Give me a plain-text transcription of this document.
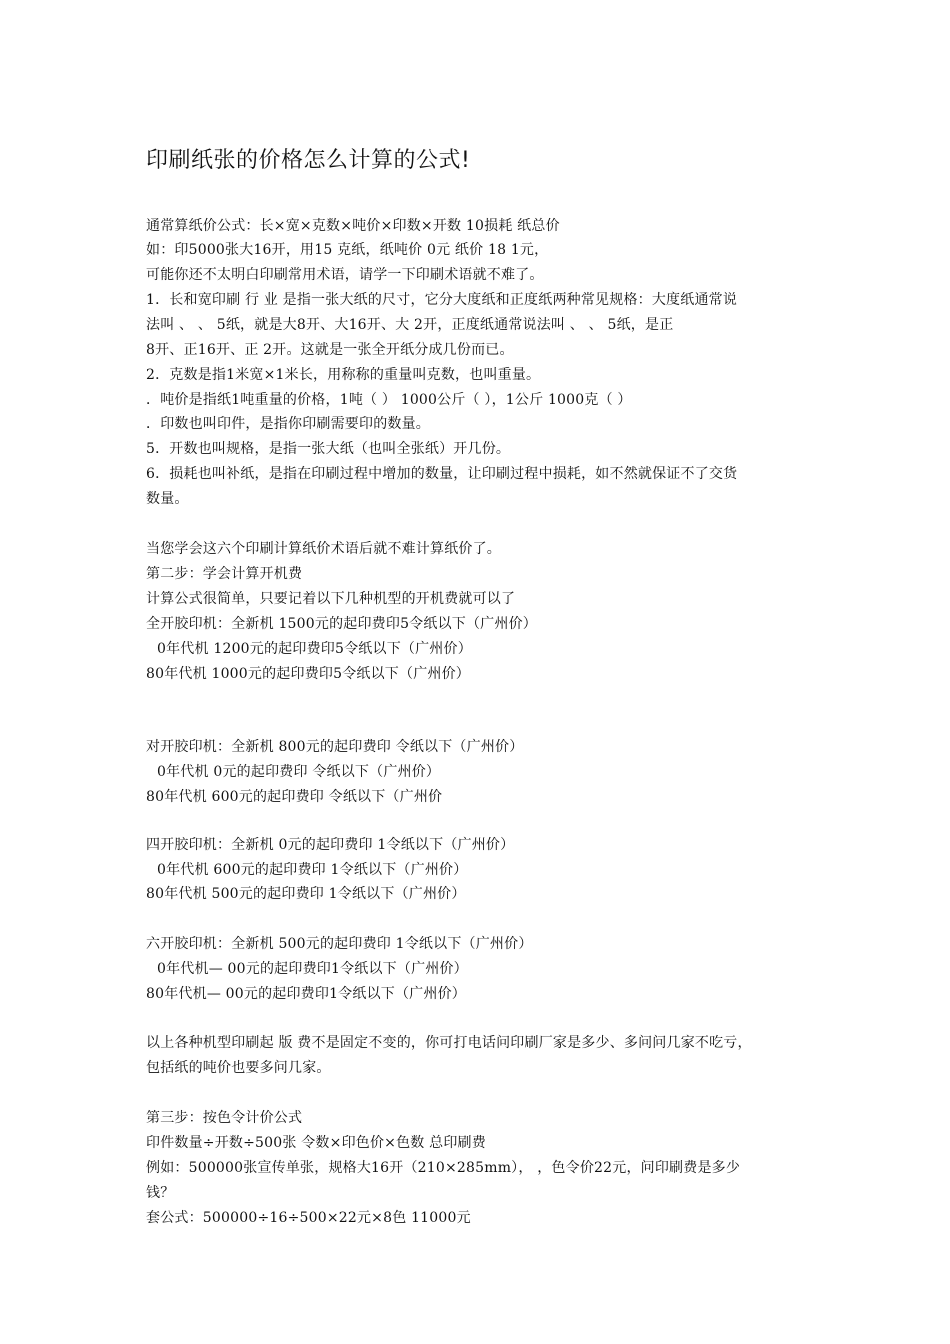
印刷纸张的价格怎么计算的公式!
通常算纸价公式：长×宽×克数×吨价×印数×开数 10损耗 纸总价
如：印5000张大16开，用15 克纸，纸吨价 0元 纸价 18 1元，
可能你还不太明白印刷常用术语，请学一下印刷术语就不难了。
1．长和宽印刷 行 业 是指一张大纸的尺寸，它分大度纸和正度纸两种常见规格：大度纸通常说
法叫 、 、 5纸，就是大8开、大16开、大 2开，正度纸通常说法叫 、 、 5纸，是正
8开、正16开、正 2开。这就是一张全开纸分成几份而已。
2．克数是指1米宽×1米长，用称称的重量叫克数，也叫重量。
．吨价是指纸1吨重量的价格，1吨（ ） 1000公斤（ ），1公斤 1000克（ ）
．印数也叫印件，是指你印刷需要印的数量。
5．开数也叫规格，是指一张大纸（也叫全张纸）开几份。
6．损耗也叫补纸，是指在印刷过程中增加的数量，让印刷过程中损耗，如不然就保证不了交货
数量。
当您学会这六个印刷计算纸价术语后就不难计算纸价了。
第二步：学会计算开机费
计算公式很简单，只要记着以下几种机型的开机费就可以了
全开胶印机：全新机 1500元的起印费印5令纸以下（广州价）
0年代机 1200元的起印费印5令纸以下（广州价）
80年代机 1000元的起印费印5令纸以下（广州价）
对开胶印机：全新机 800元的起印费印 令纸以下（广州价）
0年代机 0元的起印费印 令纸以下（广州价）
80年代机 600元的起印费印 令纸以下（广州价
四开胶印机：全新机 0元的起印费印 1令纸以下（广州价）
0年代机 600元的起印费印 1令纸以下（广州价）
80年代机 500元的起印费印 1令纸以下（广州价）
六开胶印机：全新机 500元的起印费印 1令纸以下（广州价）
0年代机— 00元的起印费印1令纸以下（广州价）
80年代机— 00元的起印费印1令纸以下（广州价）
以上各种机型印刷起 版 费不是固定不变的，你可打电话问印刷厂家是多少、多问问几家不吃亏，
包括纸的吨价也要多问几家。
第三步：按色令计价公式
印件数量÷开数÷500张 令数×印色价×色数 总印刷费
例如：500000张宣传单张，规格大16开（210×285mm）， ，色令价22元，问印刷费是多少
钱？
套公式：500000÷16÷500×22元×8色 11000元
